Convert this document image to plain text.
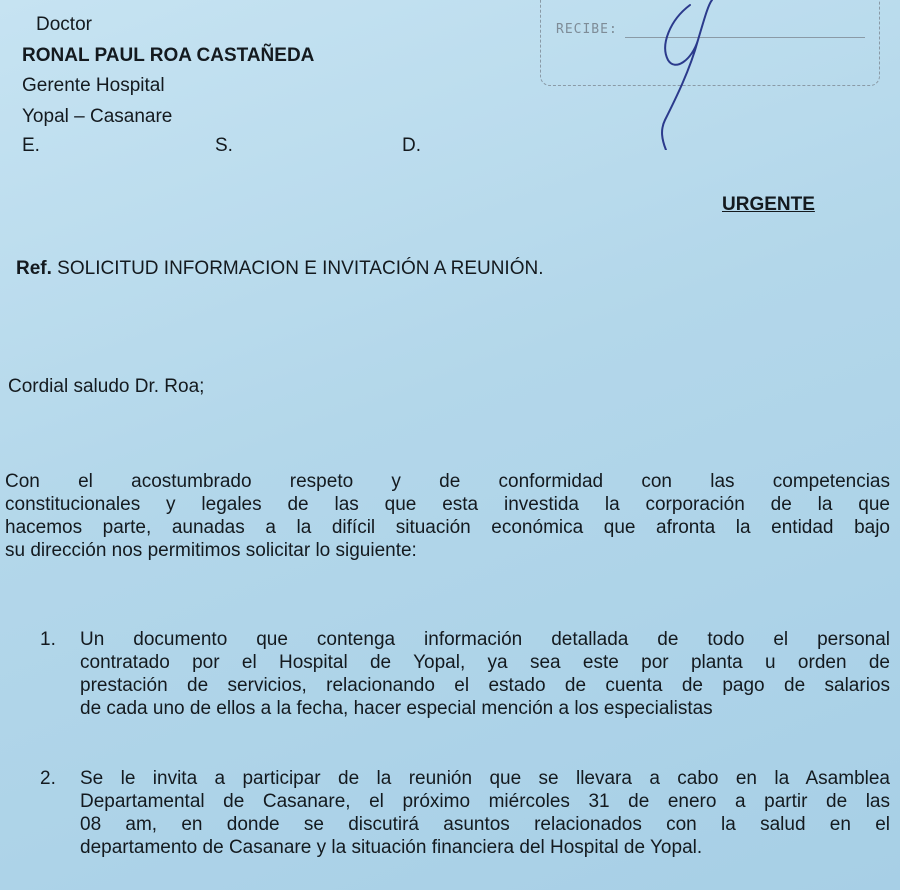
Doctor
RONAL PAUL ROA CASTAÑEDA
Gerente Hospital
Yopal – Casanare
E.	S.	D.
RECIBE:
URGENTE
Ref. SOLICITUD INFORMACION E INVITACIÓN A REUNIÓN.
Cordial saludo Dr. Roa;
Con el acostumbrado respeto y de conformidad con las competencias
constitucionales y legales de las que esta investida la corporación de la que
hacemos parte, aunadas a la difícil situación económica que afronta la entidad bajo
su dirección nos permitimos solicitar lo siguiente:
1. Un documento que contenga información detallada de todo el personal
contratado por el Hospital de Yopal, ya sea este por planta u orden de
prestación de servicios, relacionando el estado de cuenta de pago de salarios
de cada uno de ellos a la fecha, hacer especial mención a los especialistas
2. Se le invita a participar de la reunión que se llevara a cabo en la Asamblea
Departamental de Casanare, el próximo miércoles 31 de enero a partir de las
08 am, en donde se discutirá asuntos relacionados con la salud en el
departamento de Casanare y la situación financiera del Hospital de Yopal.
